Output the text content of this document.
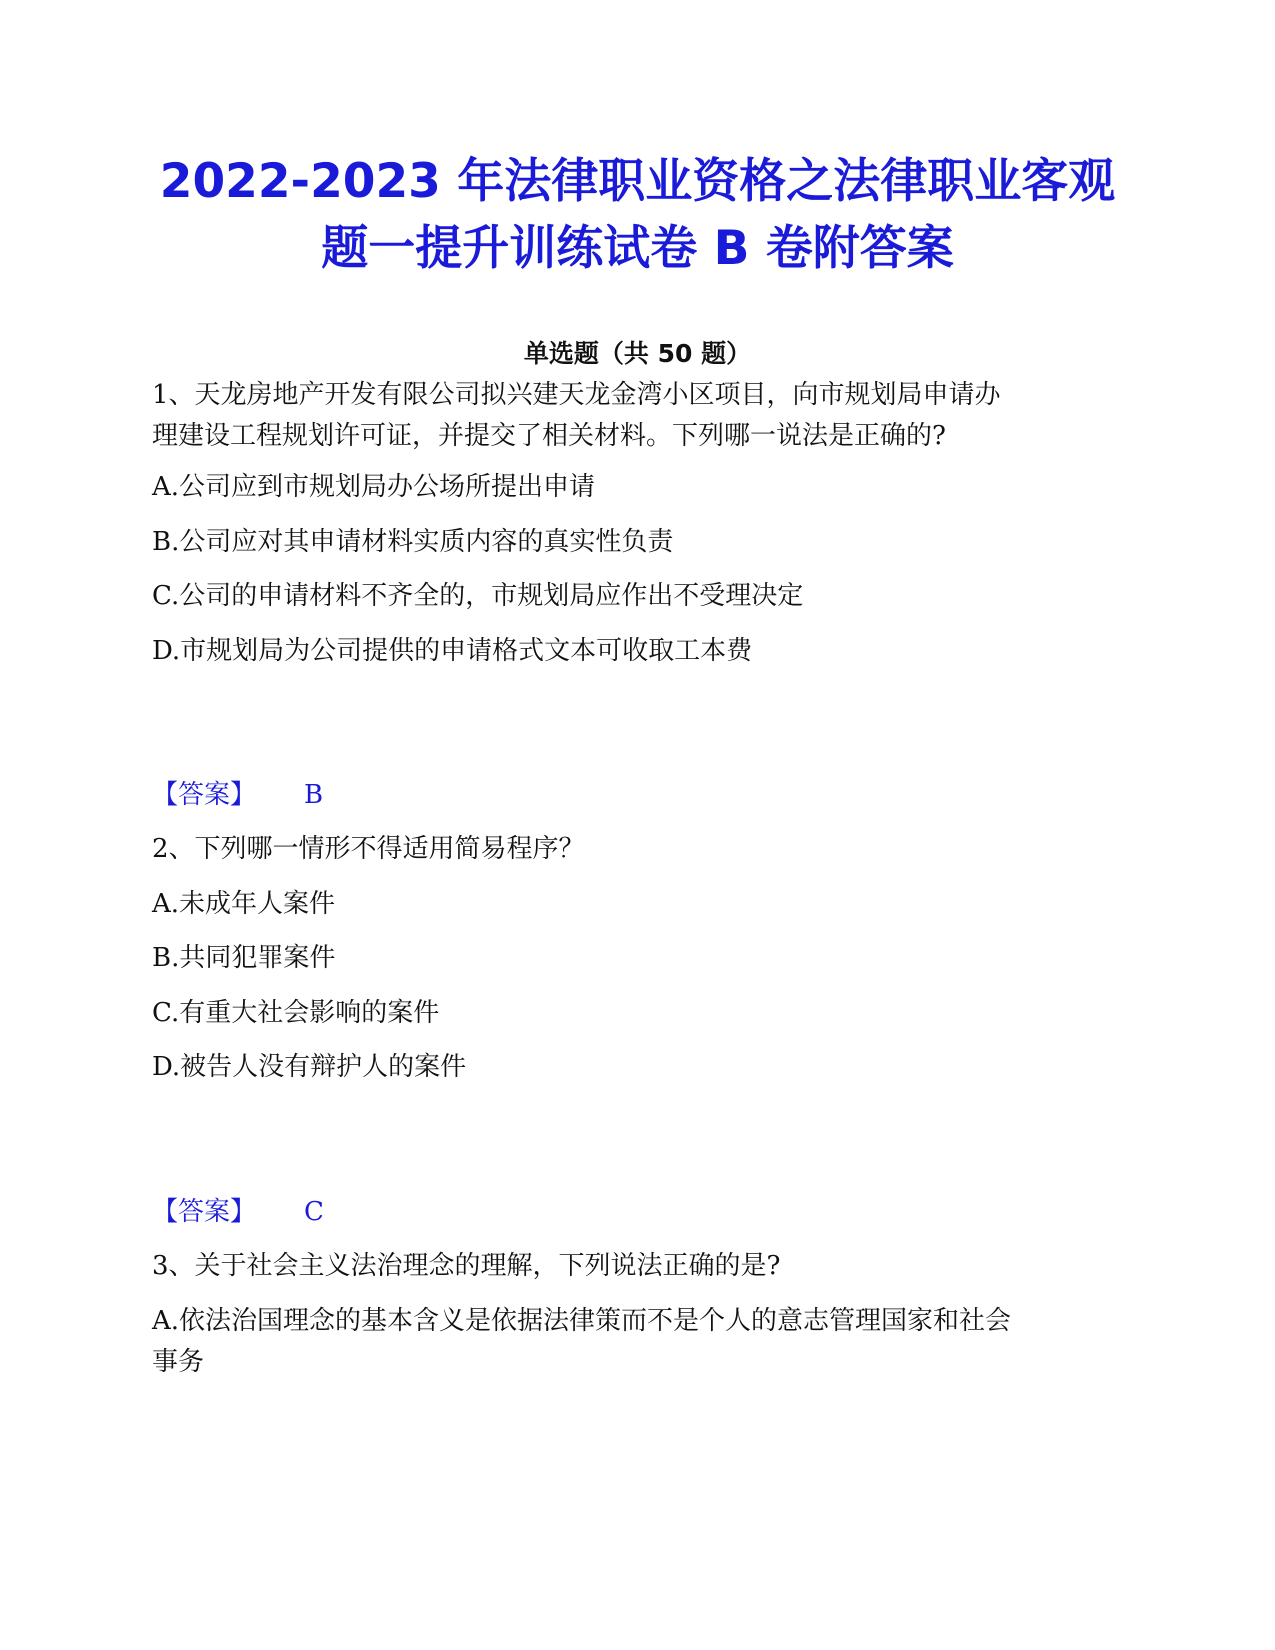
2022-2023 年法律职业资格之法律职业客观
题一提升训练试卷 B 卷附答案
单选题（共 50 题）
1、天龙房地产开发有限公司拟兴建天龙金湾小区项目，向市规划局申请办
理建设工程规划许可证，并提交了相关材料。下列哪一说法是正确的?
A.公司应到市规划局办公场所提出申请
B.公司应对其申请材料实质内容的真实性负责
C.公司的申请材料不齐全的，市规划局应作出不受理决定
D.市规划局为公司提供的申请格式文本可收取工本费
【答案】 B
2、下列哪一情形不得适用简易程序？
A.未成年人案件
B.共同犯罪案件
C.有重大社会影响的案件
D.被告人没有辩护人的案件
【答案】 C
3、关于社会主义法治理念的理解，下列说法正确的是?
A.依法治国理念的基本含义是依据法律策而不是个人的意志管理国家和社会
事务
